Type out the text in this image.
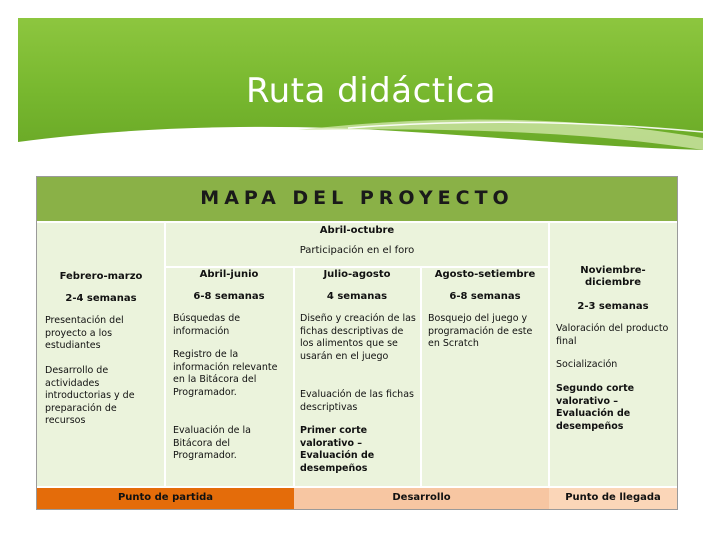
Ruta didáctica
MAPA DEL PROYECTO
Punto de partida	Desarrollo	Punto de llegada
Abril-octubre
Participación en el foro
Febrero-marzo
2-4 semanas
Presentación del proyecto a los estudiantes
Desarrollo de actividades introductorias y de preparación de recursos
Abril-junio
6-8 semanas
Búsquedas de información
Registro de la información relevante en la Bitácora del Programador.
Evaluación de la Bitácora del Programador.
Julio-agosto
4 semanas
Diseño y creación de las fichas descriptivas de los alimentos que se usarán en el juego
Evaluación de las fichas descriptivas
Primer corte valorativo – Evaluación de desempeños
Agosto-setiembre
6-8 semanas
Bosquejo del juego y programación de este en Scratch
Noviembre-diciembre
2-3 semanas
Valoración del producto final
Socialización
Segundo corte valorativo – Evaluación de desempeños
